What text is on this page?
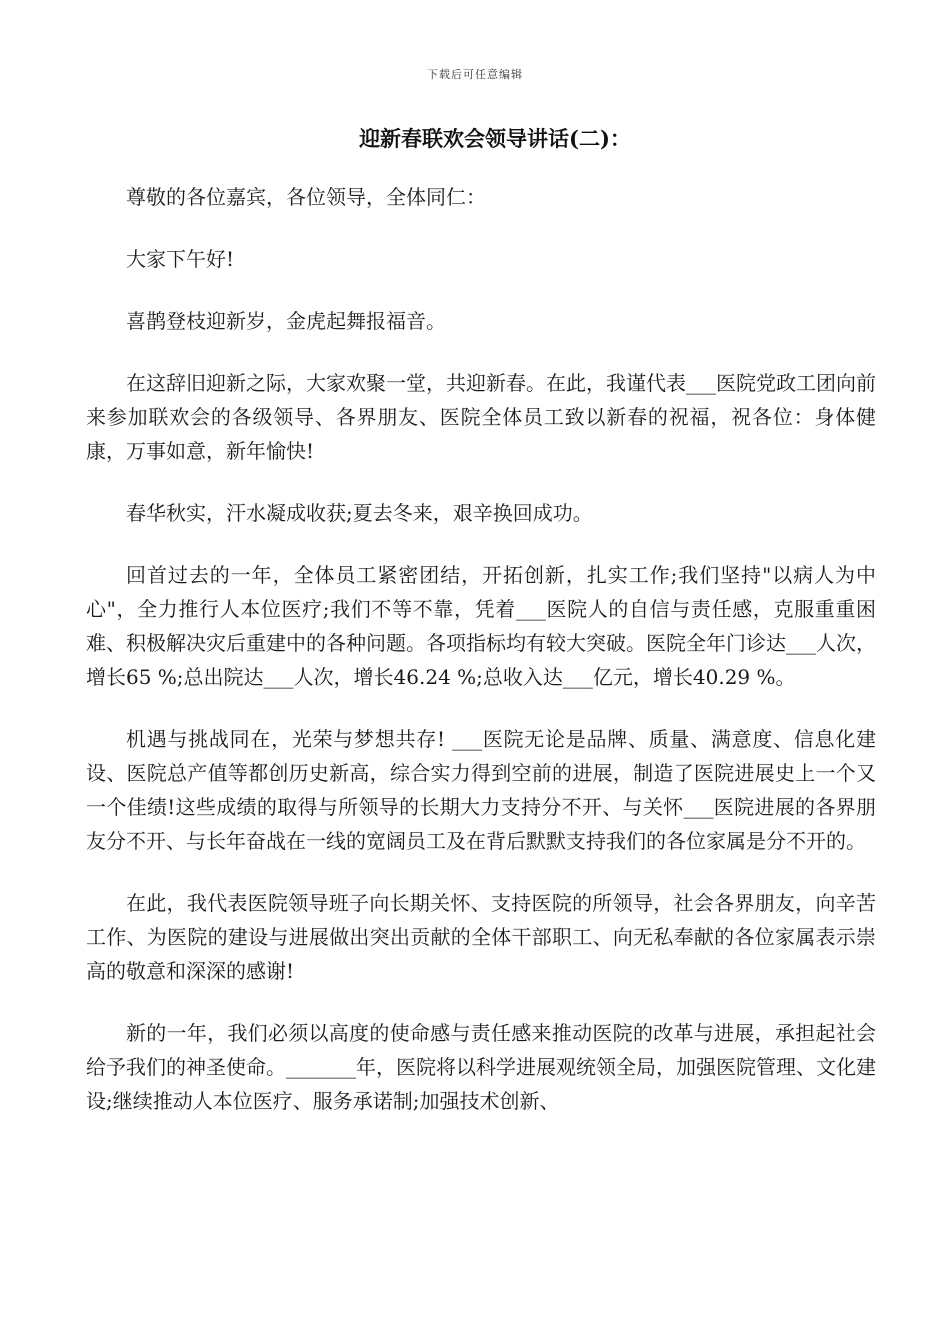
下载后可任意编辑
迎新春联欢会领导讲话(二)：

尊敬的各位嘉宾，各位领导，全体同仁：

大家下午好!

喜鹊登枝迎新岁，金虎起舞报福音。

在这辞旧迎新之际，大家欢聚一堂，共迎新春。在此，我谨代表___医院党政工团向前来参加联欢会的各级领导、各界朋友、医院全体员工致以新春的祝福，祝各位：身体健康，万事如意，新年愉快!

春华秋实，汗水凝成收获;夏去冬来，艰辛换回成功。

回首过去的一年，全体员工紧密团结，开拓创新，扎实工作;我们坚持"以病人为中心"，全力推行人本位医疗;我们不等不靠，凭着___医院人的自信与责任感，克服重重困难、积极解决灾后重建中的各种问题。各项指标均有较大突破。医院全年门诊达___人次，增长65 %;总出院达___人次，增长46.24 %;总收入达___亿元，增长40.29 %。

机遇与挑战同在，光荣与梦想共存! ___医院无论是品牌、质量、满意度、信息化建设、医院总产值等都创历史新高，综合实力得到空前的进展，制造了医院进展史上一个又一个佳绩!这些成绩的取得与所领导的长期大力支持分不开、与关怀___医院进展的各界朋友分不开、与长年奋战在一线的宽阔员工及在背后默默支持我们的各位家属是分不开的。

在此，我代表医院领导班子向长期关怀、支持医院的所领导，社会各界朋友，向辛苦工作、为医院的建设与进展做出突出贡献的全体干部职工、向无私奉献的各位家属表示崇高的敬意和深深的感谢!

新的一年，我们必须以高度的使命感与责任感来推动医院的改革与进展，承担起社会给予我们的神圣使命。_______年，医院将以科学进展观统领全局，加强医院管理、文化建设;继续推动人本位医疗、服务承诺制;加强技术创新、
